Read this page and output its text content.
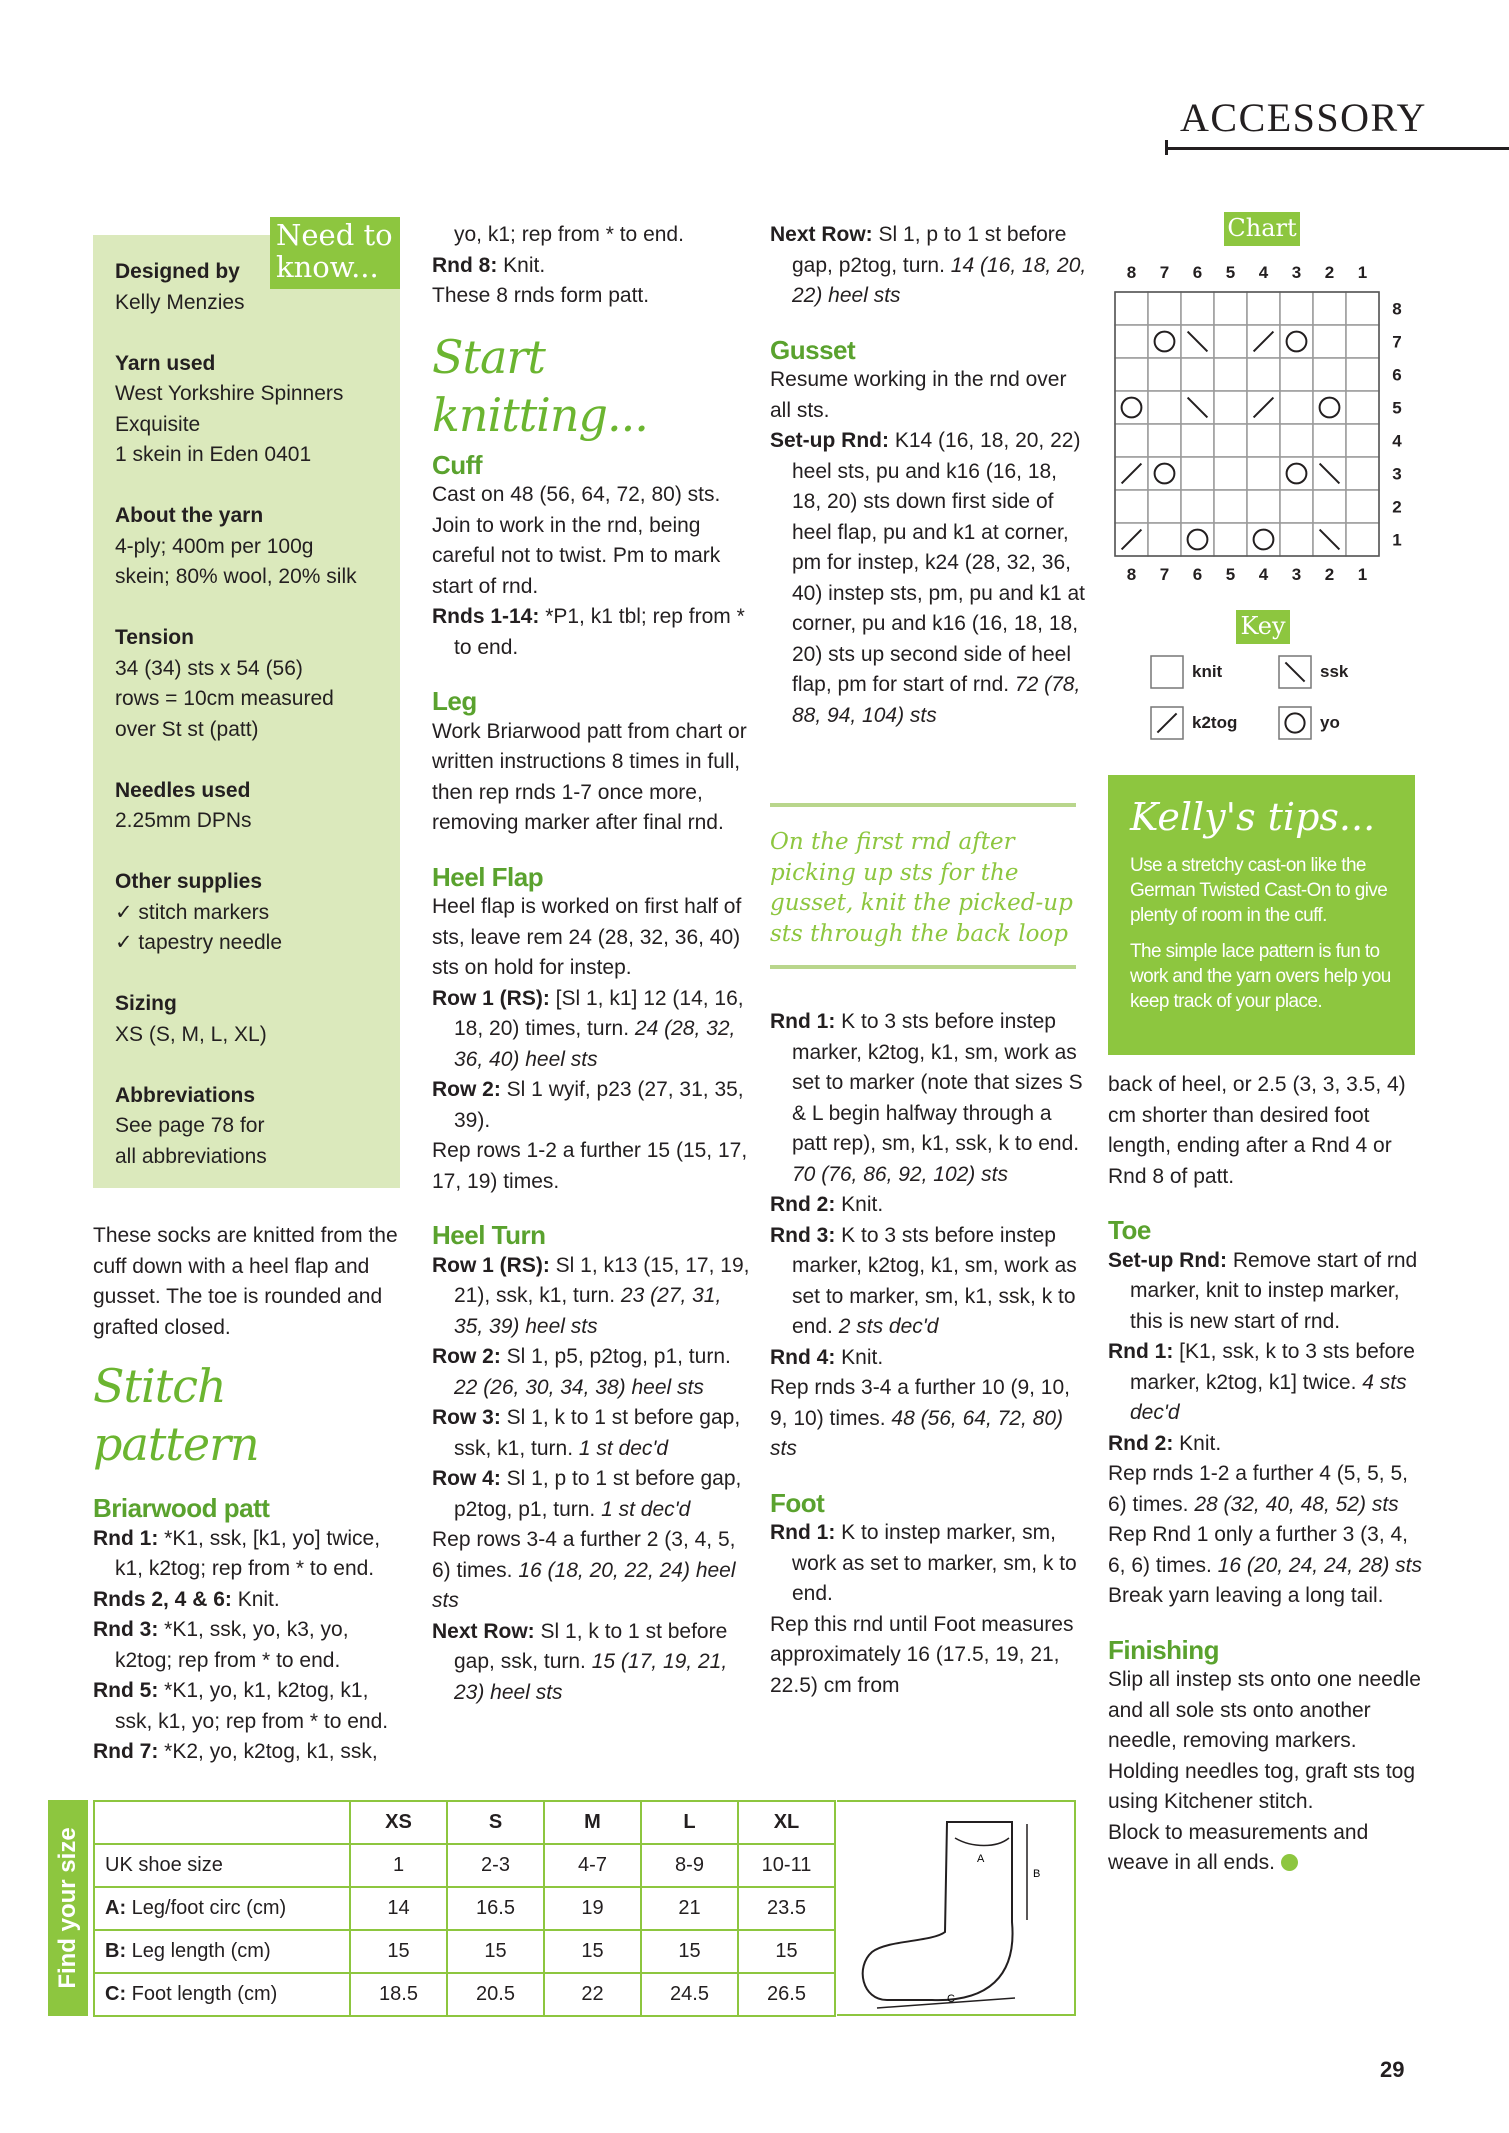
ACCESSORY
Designed by
Kelly Menzies
Yarn used
West Yorkshire Spinners
Exquisite
1 skein in Eden 0401
About the yarn
4-ply; 400m per 100g
skein; 80% wool, 20% silk
Tension
34 (34) sts x 54 (56)
rows = 10cm measured
over St st (patt)
Needles used
2.25mm DPNs
Other supplies
✓ stitch markers
✓ tapestry needle
Sizing
XS (S, M, L, XL)
Abbreviations
See page 78 for
all abbreviations
Need to know...
These socks are knitted from the cuff down with a heel flap and gusset. The toe is rounded and grafted closed.
Stitch pattern
Briarwood patt
Rnd 1: *K1, ssk, [k1, yo] twice, k1, k2tog; rep from * to end.
Rnds 2, 4 & 6: Knit.
Rnd 3: *K1, ssk, yo, k3, yo, k2tog; rep from * to end.
Rnd 5: *K1, yo, k1, k2tog, k1, ssk, k1, yo; rep from * to end.
Rnd 7: *K2, yo, k2tog, k1, ssk,
yo, k1; rep from * to end.
Rnd 8: Knit.
These 8 rnds form patt.
Start knitting...
Cuff
Cast on 48 (56, 64, 72, 80) sts. Join to work in the rnd, being careful not to twist. Pm to mark start of rnd.
Rnds 1-14: *P1, k1 tbl; rep from * to end.
Leg
Work Briarwood patt from chart or written instructions 8 times in full, then rep rnds 1-7 once more, removing marker after final rnd.
Heel Flap
Heel flap is worked on first half of sts, leave rem 24 (28, 32, 36, 40) sts on hold for instep.
Row 1 (RS): [Sl 1, k1] 12 (14, 16, 18, 20) times, turn. 24 (28, 32, 36, 40) heel sts
Row 2: Sl 1 wyif, p23 (27, 31, 35, 39).
Rep rows 1-2 a further 15 (15, 17, 17, 19) times.
Heel Turn
Row 1 (RS): Sl 1, k13 (15, 17, 19, 21), ssk, k1, turn. 23 (27, 31, 35, 39) heel sts
Row 2: Sl 1, p5, p2tog, p1, turn. 22 (26, 30, 34, 38) heel sts
Row 3: Sl 1, k to 1 st before gap, ssk, k1, turn. 1 st dec'd
Row 4: Sl 1, p to 1 st before gap, p2tog, p1, turn. 1 st dec'd
Rep rows 3-4 a further 2 (3, 4, 5, 6) times. 16 (18, 20, 22, 24) heel sts
Next Row: Sl 1, k to 1 st before gap, ssk, turn. 15 (17, 19, 21, 23) heel sts
Next Row: Sl 1, p to 1 st before gap, p2tog, turn. 14 (16, 18, 20, 22) heel sts
Gusset
Resume working in the rnd over all sts.
Set-up Rnd: K14 (16, 18, 20, 22) heel sts, pu and k16 (16, 18, 18, 20) sts down first side of heel flap, pu and k1 at corner, pm for instep, k24 (28, 32, 36, 40) instep sts, pm, pu and k1 at corner, pu and k16 (16, 18, 18, 20) sts up second side of heel flap, pm for start of rnd. 72 (78, 88, 94, 104) sts
On the first rnd after picking up sts for the gusset, knit the picked-up sts through the back loop
Rnd 1: K to 3 sts before instep marker, k2tog, k1, sm, work as set to marker (note that sizes S & L begin halfway through a patt rep), sm, k1, ssk, k to end. 70 (76, 86, 92, 102) sts
Rnd 2: Knit.
Rnd 3: K to 3 sts before instep marker, k2tog, k1, sm, work as set to marker, sm, k1, ssk, k to end. 2 sts dec'd
Rnd 4: Knit.
Rep rnds 3-4 a further 10 (9, 10, 9, 10) times. 48 (56, 64, 72, 80) sts
Foot
Rnd 1: K to instep marker, sm, work as set to marker, sm, k to end.
Rep this rnd until Foot measures approximately 16 (17.5, 19, 21, 22.5) cm from
Chart
8
8
7
7
6
6
5
5
4
4
3
3
2
2
1
1
8
7
6
5
4
3
2
1
Key
knit	ssk
k2tog	yo
Kelly's tips...

Use a stretchy cast-on like the German Twisted Cast-On to give plenty of room in the cuff.

The simple lace pattern is fun to work and the yarn overs help you keep track of your place.

back of heel, or 2.5 (3, 3, 3.5, 4) cm shorter than desired foot length, ending after a Rnd 4 or Rnd 8 of patt.
Toe
Set-up Rnd: Remove start of rnd marker, knit to instep marker, this is new start of rnd.
Rnd 1: [K1, ssk, k to 3 sts before marker, k2tog, k1] twice. 4 sts dec'd
Rnd 2: Knit.
Rep rnds 1-2 a further 4 (5, 5, 5, 6) times. 28 (32, 40, 48, 52) sts
Rep Rnd 1 only a further 3 (3, 4, 6, 6) times. 16 (20, 24, 24, 28) sts
Break yarn leaving a long tail.
Finishing
Slip all instep sts onto one needle and all sole sts onto another needle, removing markers. Holding needles tog, graft sts tog using Kitchener stitch.
Block to measurements and weave in all ends.
Find your size
	XS	S	M	L	XL
UK shoe size	1	2-3	4-7	8-9	10-11
A: Leg/foot circ (cm)	14	16.5	19	21	23.5
B: Leg length (cm)	15	15	15	15	15
C: Foot length (cm)	18.5	20.5	22	24.5	26.5
A
B
C
29
